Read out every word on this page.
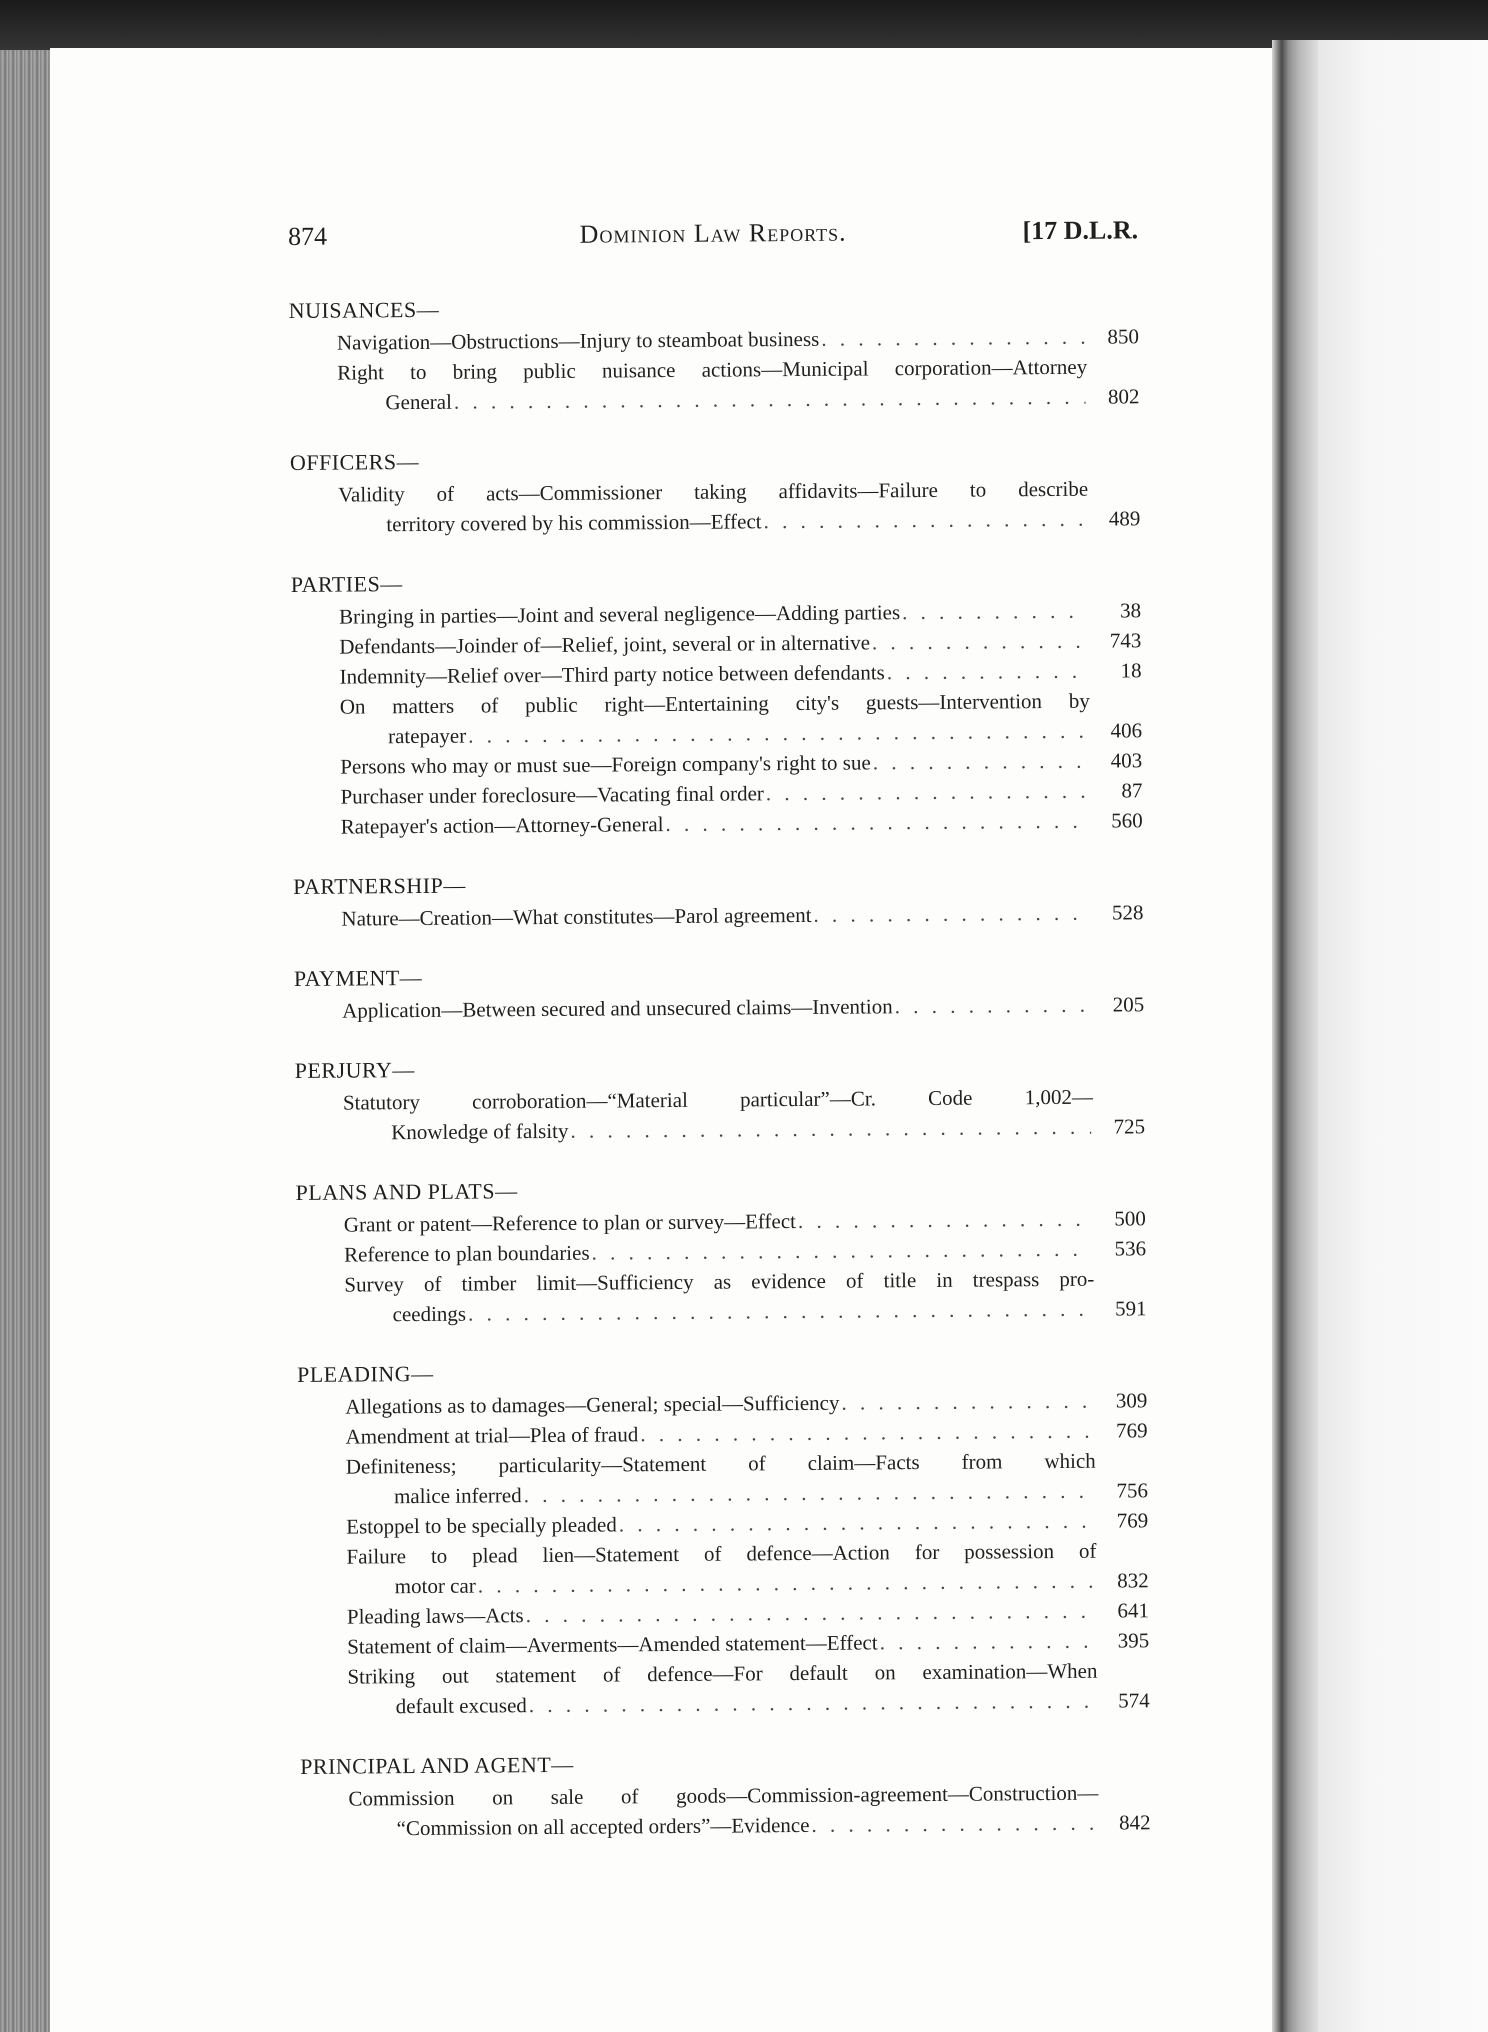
874	Dominion Law Reports.	[17 D.L.R.
NUISANCES—
Navigation—Obstructions—Injury to steamboat business . . .	850
Right to bring public nuisance actions—Municipal corporation—Attorney
General . . .	802
OFFICERS—
Validity of acts—Commissioner taking affidavits—Failure to describe
territory covered by his commission—Effect . . .	489
PARTIES—
Bringing in parties—Joint and several negligence—Adding parties . . .	38
Defendants—Joinder of—Relief, joint, several or in alternative . . .	743
Indemnity—Relief over—Third party notice between defendants . . .	18
On matters of public right—Entertaining city's guests—Intervention by
ratepayer . . .	406
Persons who may or must sue—Foreign company's right to sue . . .	403
Purchaser under foreclosure—Vacating final order . . .	87
Ratepayer's action—Attorney-General . . .	560
PARTNERSHIP—
Nature—Creation—What constitutes—Parol agreement . . .	528
PAYMENT—
Application—Between secured and unsecured claims—Invention . . .	205
PERJURY—
Statutory corroboration—“Material particular”—Cr. Code 1,002—
Knowledge of falsity . . .	725
PLANS AND PLATS—
Grant or patent—Reference to plan or survey—Effect . . .	500
Reference to plan boundaries . . .	536
Survey of timber limit—Sufficiency as evidence of title in trespass pro-
ceedings . . .	591
PLEADING—
Allegations as to damages—General; special—Sufficiency . . .	309
Amendment at trial—Plea of fraud . . .	769
Definiteness; particularity—Statement of claim—Facts from which
malice inferred . . .	756
Estoppel to be specially pleaded . . .	769
Failure to plead lien—Statement of defence—Action for possession of
motor car . . .	832
Pleading laws—Acts . . .	641
Statement of claim—Averments—Amended statement—Effect . . .	395
Striking out statement of defence—For default on examination—When
default excused . . .	574
PRINCIPAL AND AGENT—
Commission on sale of goods—Commission-agreement—Construction—
“Commission on all accepted orders”—Evidence . . .	842
